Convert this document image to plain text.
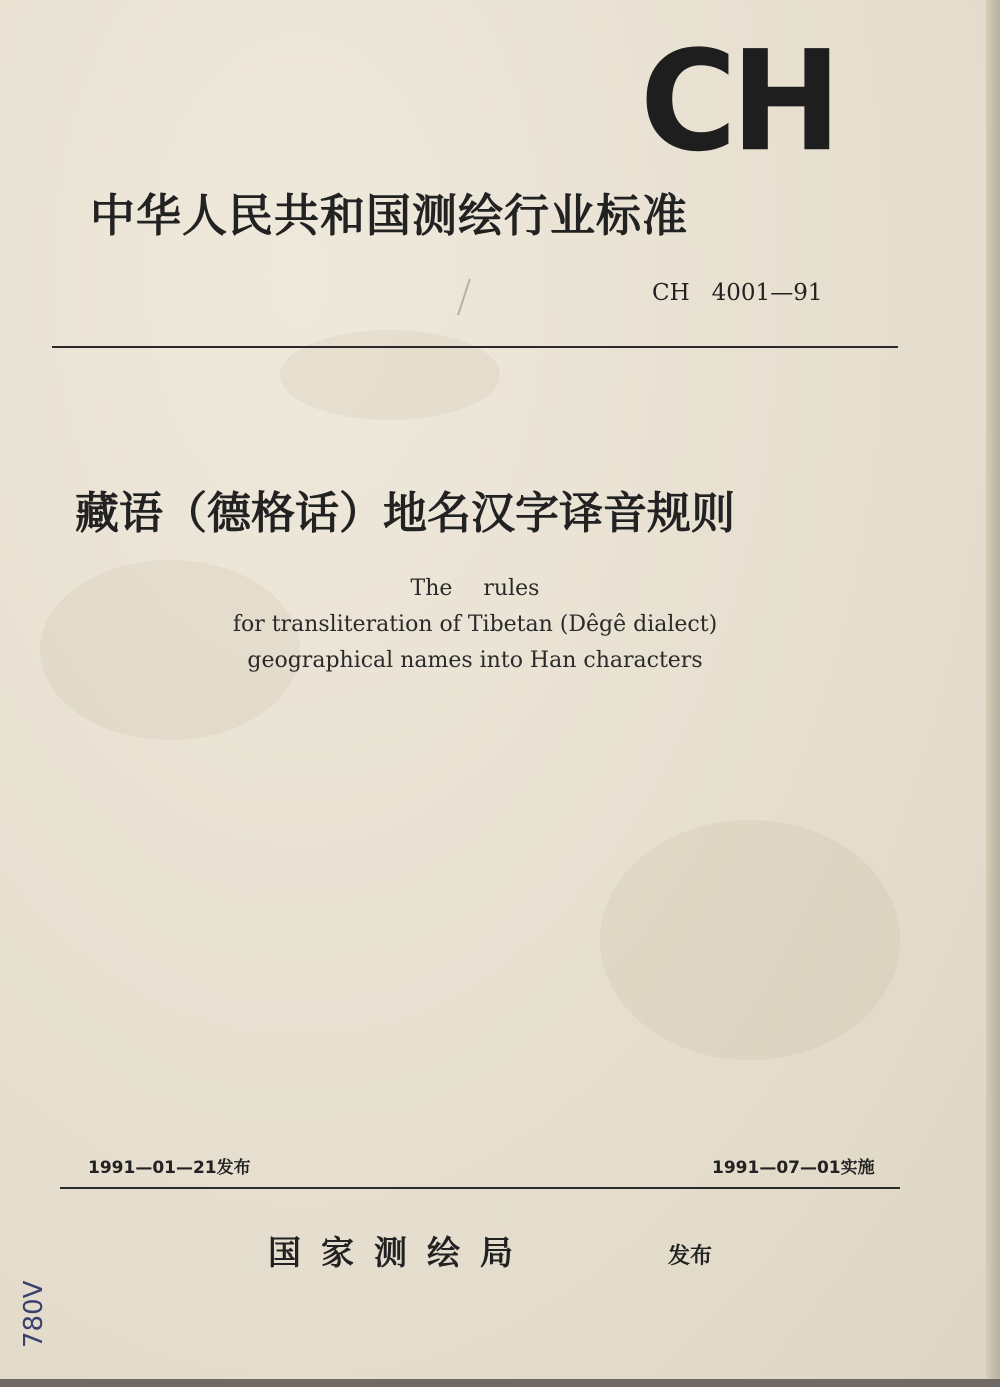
CH
中华人民共和国测绘行业标准
CH 4001—91
藏语（德格话）地名汉字译音规则
The rules
for transliteration of Tibetan (Dêgê dialect)
geographical names into Han characters
1991—01—21发布	1991—07—01实施
国家测绘局	发布
780V
